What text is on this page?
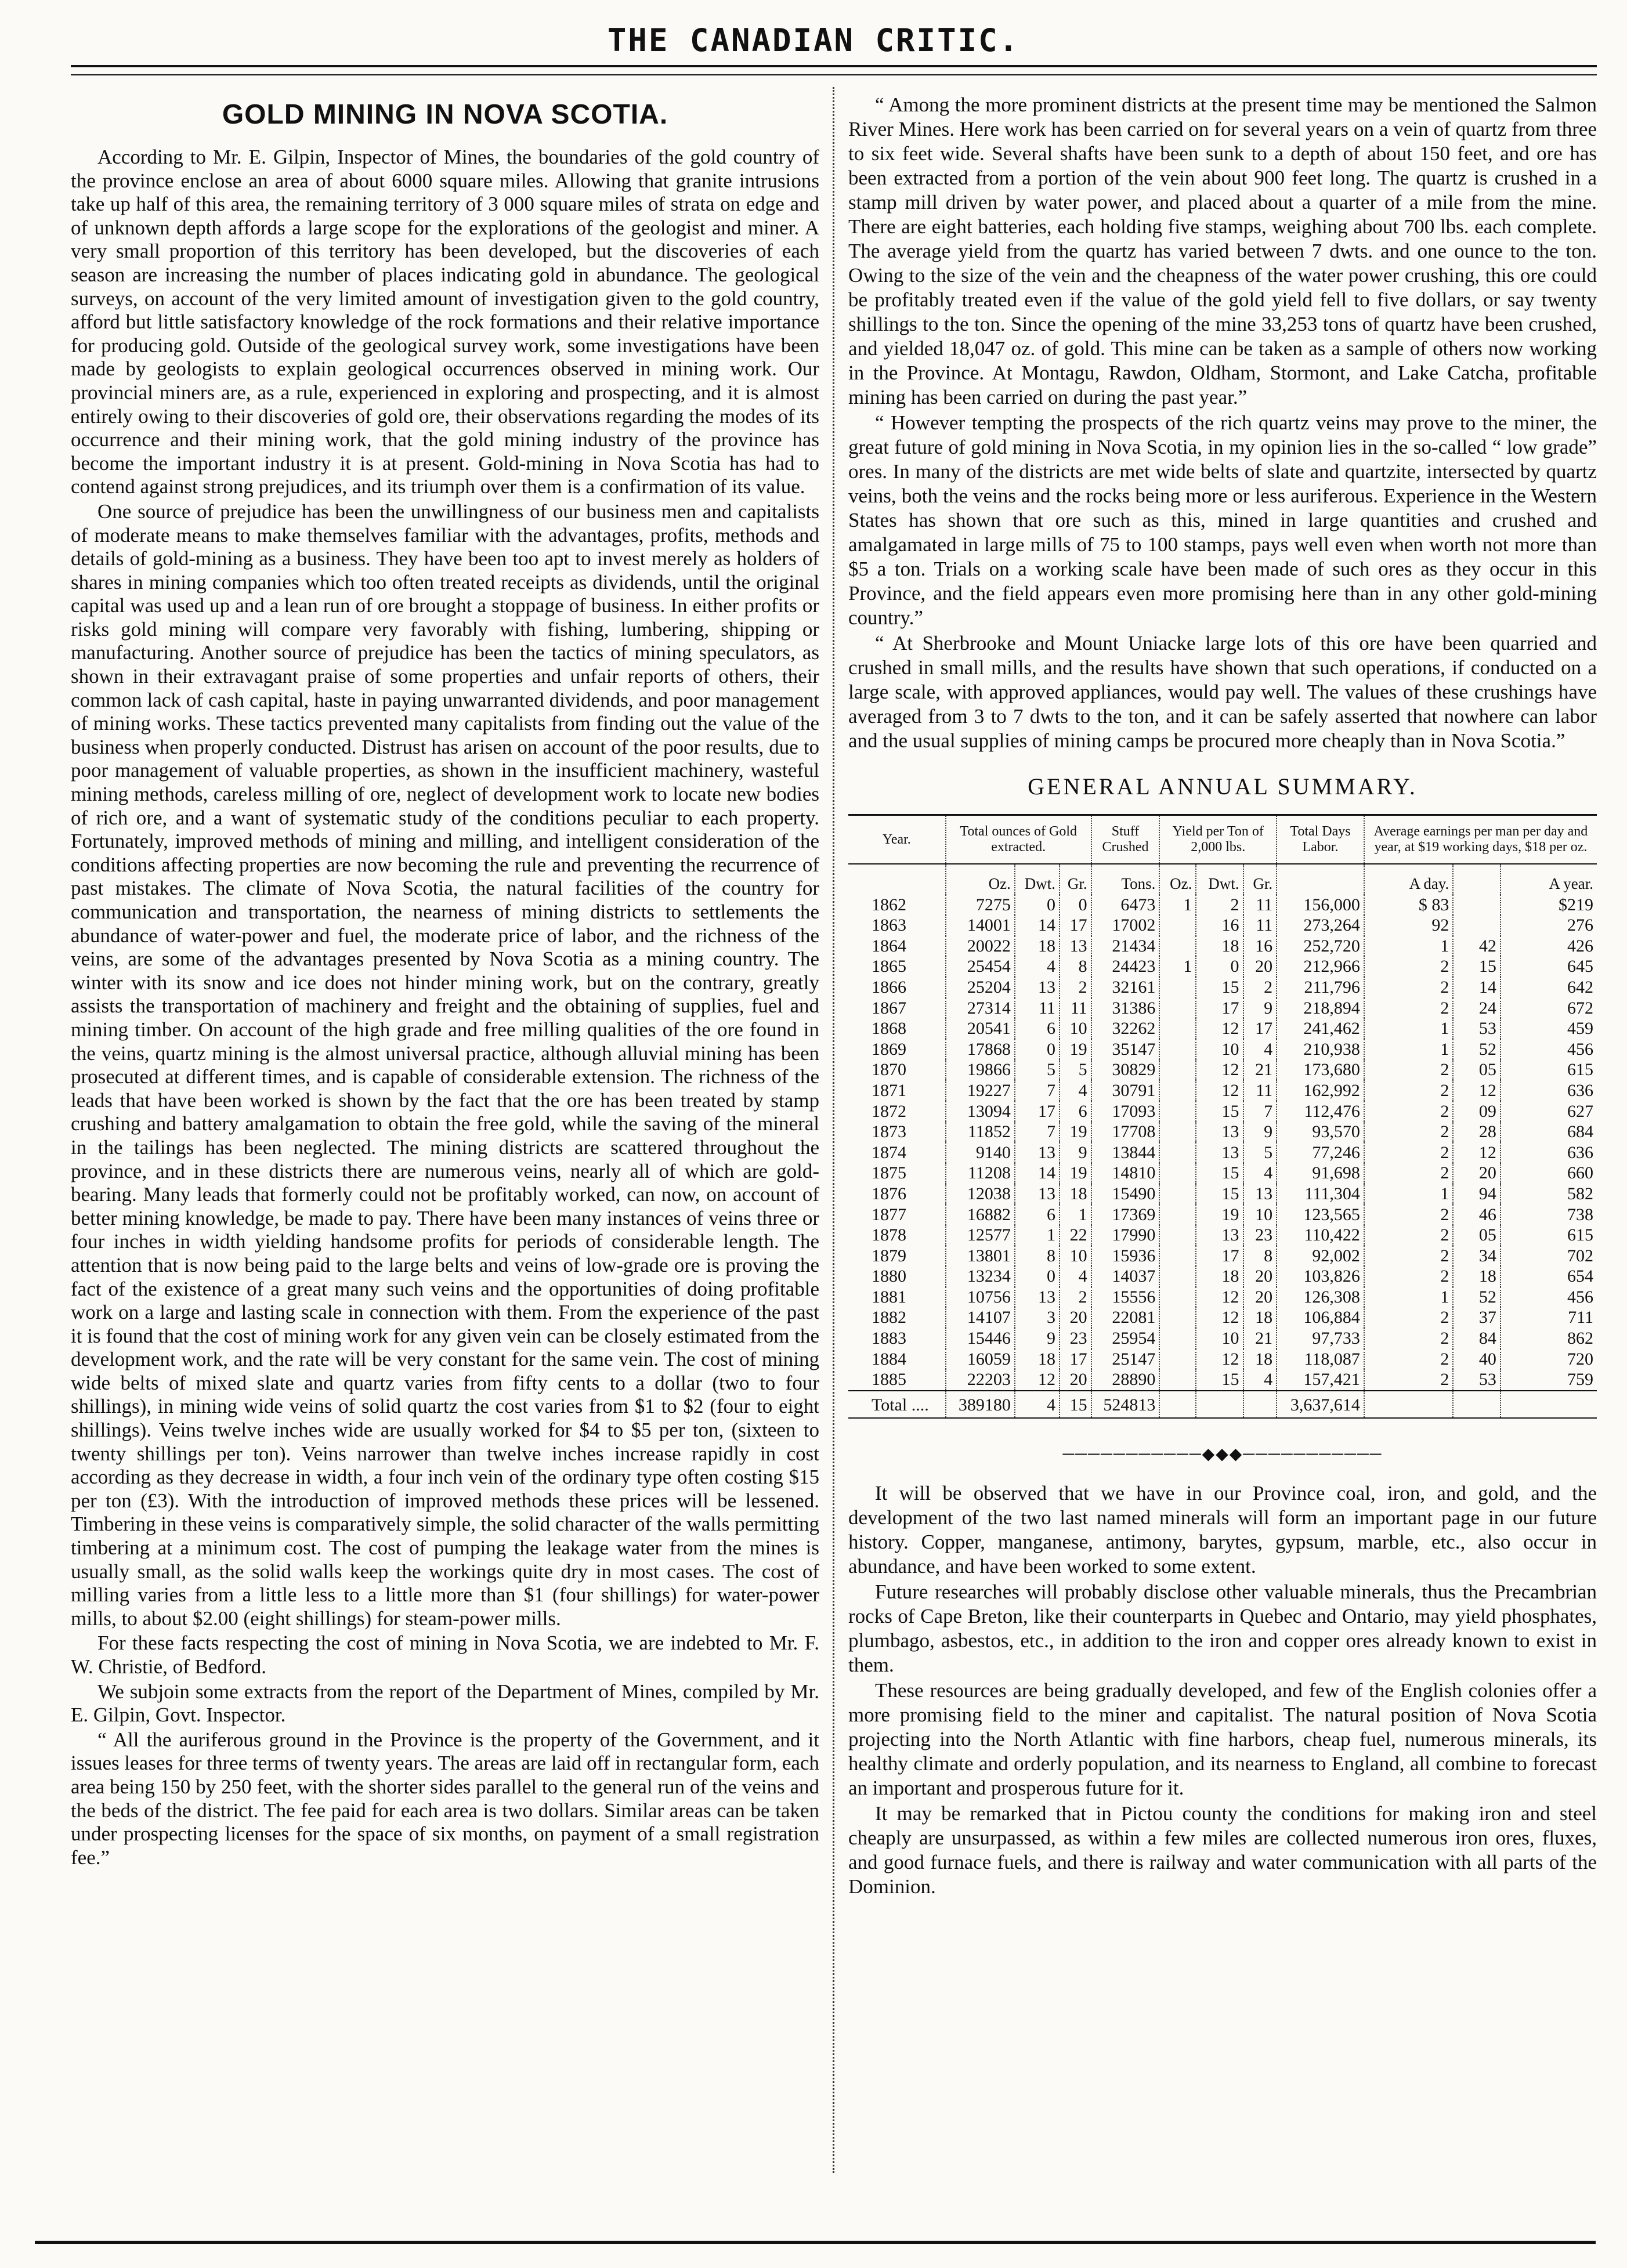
THE CANADIAN CRITIC.
GOLD MINING IN NOVA SCOTIA.

According to Mr. E. Gilpin, Inspector of Mines, the boundaries of the gold country of the province enclose an area of about 6000 square miles. Allowing that granite intrusions take up half of this area, the remaining territory of 3 000 square miles of strata on edge and of unknown depth affords a large scope for the explorations of the geologist and miner. A very small proportion of this territory has been developed, but the discoveries of each season are increasing the number of places indicating gold in abundance. The geological surveys, on account of the very limited amount of investigation given to the gold country, afford but little satisfactory knowledge of the rock formations and their relative importance for producing gold. Outside of the geological survey work, some investigations have been made by geologists to explain geological occurrences observed in mining work. Our provincial miners are, as a rule, experienced in exploring and prospecting, and it is almost entirely owing to their discoveries of gold ore, their observations regarding the modes of its occurrence and their mining work, that the gold mining industry of the province has become the important industry it is at present. Gold-mining in Nova Scotia has had to contend against strong prejudices, and its triumph over them is a confirmation of its value.

One source of prejudice has been the unwillingness of our business men and capitalists of moderate means to make themselves familiar with the advantages, profits, methods and details of gold-mining as a business. They have been too apt to invest merely as holders of shares in mining companies which too often treated receipts as dividends, until the original capital was used up and a lean run of ore brought a stoppage of business. In either profits or risks gold mining will compare very favorably with fishing, lumbering, shipping or manufacturing. Another source of prejudice has been the tactics of mining speculators, as shown in their extravagant praise of some properties and unfair reports of others, their common lack of cash capital, haste in paying unwarranted dividends, and poor management of mining works. These tactics prevented many capitalists from finding out the value of the business when properly conducted. Distrust has arisen on account of the poor results, due to poor management of valuable properties, as shown in the insufficient machinery, wasteful mining methods, careless milling of ore, neglect of development work to locate new bodies of rich ore, and a want of systematic study of the conditions peculiar to each property. Fortunately, improved methods of mining and milling, and intelligent consideration of the conditions affecting properties are now becoming the rule and preventing the recurrence of past mistakes. The climate of Nova Scotia, the natural facilities of the country for communication and transportation, the nearness of mining districts to settlements the abundance of water-power and fuel, the moderate price of labor, and the richness of the veins, are some of the advantages presented by Nova Scotia as a mining country. The winter with its snow and ice does not hinder mining work, but on the contrary, greatly assists the transportation of machinery and freight and the obtaining of supplies, fuel and mining timber. On account of the high grade and free milling qualities of the ore found in the veins, quartz mining is the almost universal practice, although alluvial mining has been prosecuted at different times, and is capable of considerable extension. The richness of the leads that have been worked is shown by the fact that the ore has been treated by stamp crushing and battery amalgamation to obtain the free gold, while the saving of the mineral in the tailings has been neglected. The mining districts are scattered throughout the province, and in these districts there are numerous veins, nearly all of which are gold-bearing. Many leads that formerly could not be profitably worked, can now, on account of better mining knowledge, be made to pay. There have been many instances of veins three or four inches in width yielding handsome profits for periods of considerable length. The attention that is now being paid to the large belts and veins of low-grade ore is proving the fact of the existence of a great many such veins and the opportunities of doing profitable work on a large and lasting scale in connection with them. From the experience of the past it is found that the cost of mining work for any given vein can be closely estimated from the development work, and the rate will be very constant for the same vein. The cost of mining wide belts of mixed slate and quartz varies from fifty cents to a dollar (two to four shillings), in mining wide veins of solid quartz the cost varies from $1 to $2 (four to eight shillings). Veins twelve inches wide are usually worked for $4 to $5 per ton, (sixteen to twenty shillings per ton). Veins narrower than twelve inches increase rapidly in cost according as they decrease in width, a four inch vein of the ordinary type often costing $15 per ton (£3). With the introduction of improved methods these prices will be lessened. Timbering in these veins is comparatively simple, the solid character of the walls permitting timbering at a minimum cost. The cost of pumping the leakage water from the mines is usually small, as the solid walls keep the workings quite dry in most cases. The cost of milling varies from a little less to a little more than $1 (four shillings) for water-power mills, to about $2.00 (eight shillings) for steam-power mills.

For these facts respecting the cost of mining in Nova Scotia, we are indebted to Mr. F. W. Christie, of Bedford.

We subjoin some extracts from the report of the Department of Mines, compiled by Mr. E. Gilpin, Govt. Inspector.

“ All the auriferous ground in the Province is the property of the Government, and it issues leases for three terms of twenty years. The areas are laid off in rectangular form, each area being 150 by 250 feet, with the shorter sides parallel to the general run of the veins and the beds of the district. The fee paid for each area is two dollars. Similar areas can be taken under prospecting licenses for the space of six months, on payment of a small registration fee.”

“ Among the more prominent districts at the present time may be mentioned the Salmon River Mines. Here work has been carried on for several years on a vein of quartz from three to six feet wide. Several shafts have been sunk to a depth of about 150 feet, and ore has been extracted from a portion of the vein about 900 feet long. The quartz is crushed in a stamp mill driven by water power, and placed about a quarter of a mile from the mine. There are eight batteries, each holding five stamps, weighing about 700 lbs. each complete. The average yield from the quartz has varied between 7 dwts. and one ounce to the ton. Owing to the size of the vein and the cheapness of the water power crushing, this ore could be profitably treated even if the value of the gold yield fell to five dollars, or say twenty shillings to the ton. Since the opening of the mine 33,253 tons of quartz have been crushed, and yielded 18,047 oz. of gold. This mine can be taken as a sample of others now working in the Province. At Montagu, Rawdon, Oldham, Stormont, and Lake Catcha, profitable mining has been carried on during the past year.”

“ However tempting the prospects of the rich quartz veins may prove to the miner, the great future of gold mining in Nova Scotia, in my opinion lies in the so-called “ low grade” ores. In many of the districts are met wide belts of slate and quartzite, intersected by quartz veins, both the veins and the rocks being more or less auriferous. Experience in the Western States has shown that ore such as this, mined in large quantities and crushed and amalgamated in large mills of 75 to 100 stamps, pays well even when worth not more than $5 a ton. Trials on a working scale have been made of such ores as they occur in this Province, and the field appears even more promising here than in any other gold-mining country.”

“ At Sherbrooke and Mount Uniacke large lots of this ore have been quarried and crushed in small mills, and the results have shown that such operations, if conducted on a large scale, with approved appliances, would pay well. The values of these crushings have averaged from 3 to 7 dwts to the ton, and it can be safely asserted that nowhere can labor and the usual supplies of mining camps be procured more cheaply than in Nova Scotia.”

GENERAL ANNUAL SUMMARY.
Year.	Total ounces of Gold extracted.			Stuff Crushed	Yield per Ton of 2,000 lbs.			Total Days Labor.	Average earnings per man per day and year, at $19 working days, $18 per oz.		
	Oz.	Dwt.	Gr.	Tons.	Oz.	Dwt.	Gr.		A day.		A year.
1862	7275	0	0	6473	1	2	11	156,000	$ 83		$219
1863	14001	14	17	17002		16	11	273,264	92		276
1864	20022	18	13	21434		18	16	252,720	1	42	426
1865	25454	4	8	24423	1	0	20	212,966	2	15	645
1866	25204	13	2	32161		15	2	211,796	2	14	642
1867	27314	11	11	31386		17	9	218,894	2	24	672
1868	20541	6	10	32262		12	17	241,462	1	53	459
1869	17868	0	19	35147		10	4	210,938	1	52	456
1870	19866	5	5	30829		12	21	173,680	2	05	615
1871	19227	7	4	30791		12	11	162,992	2	12	636
1872	13094	17	6	17093		15	7	112,476	2	09	627
1873	11852	7	19	17708		13	9	93,570	2	28	684
1874	9140	13	9	13844		13	5	77,246	2	12	636
1875	11208	14	19	14810		15	4	91,698	2	20	660
1876	12038	13	18	15490		15	13	111,304	1	94	582
1877	16882	6	1	17369		19	10	123,565	2	46	738
1878	12577	1	22	17990		13	23	110,422	2	05	615
1879	13801	8	10	15936		17	8	92,002	2	34	702
1880	13234	0	4	14037		18	20	103,826	2	18	654
1881	10756	13	2	15556		12	20	126,308	1	52	456
1882	14107	3	20	22081		12	18	106,884	2	37	711
1883	15446	9	23	25954		10	21	97,733	2	84	862
1884	16059	18	17	25147		12	18	118,087	2	40	720
1885	22203	12	20	28890		15	4	157,421	2	53	759
Total ....	389180	4	15	524813				3,637,614			
───────────◆◆◆───────────

It will be observed that we have in our Province coal, iron, and gold, and the development of the two last named minerals will form an important page in our future history. Copper, manganese, antimony, barytes, gypsum, marble, etc., also occur in abundance, and have been worked to some extent.

Future researches will probably disclose other valuable minerals, thus the Precambrian rocks of Cape Breton, like their counterparts in Quebec and Ontario, may yield phosphates, plumbago, asbestos, etc., in addition to the iron and copper ores already known to exist in them.

These resources are being gradually developed, and few of the English colonies offer a more promising field to the miner and capitalist. The natural position of Nova Scotia projecting into the North Atlantic with fine harbors, cheap fuel, numerous minerals, its healthy climate and orderly population, and its nearness to England, all combine to forecast an important and prosperous future for it.

It may be remarked that in Pictou county the conditions for making iron and steel cheaply are unsurpassed, as within a few miles are collected numerous iron ores, fluxes, and good furnace fuels, and there is railway and water communication with all parts of the Dominion.
